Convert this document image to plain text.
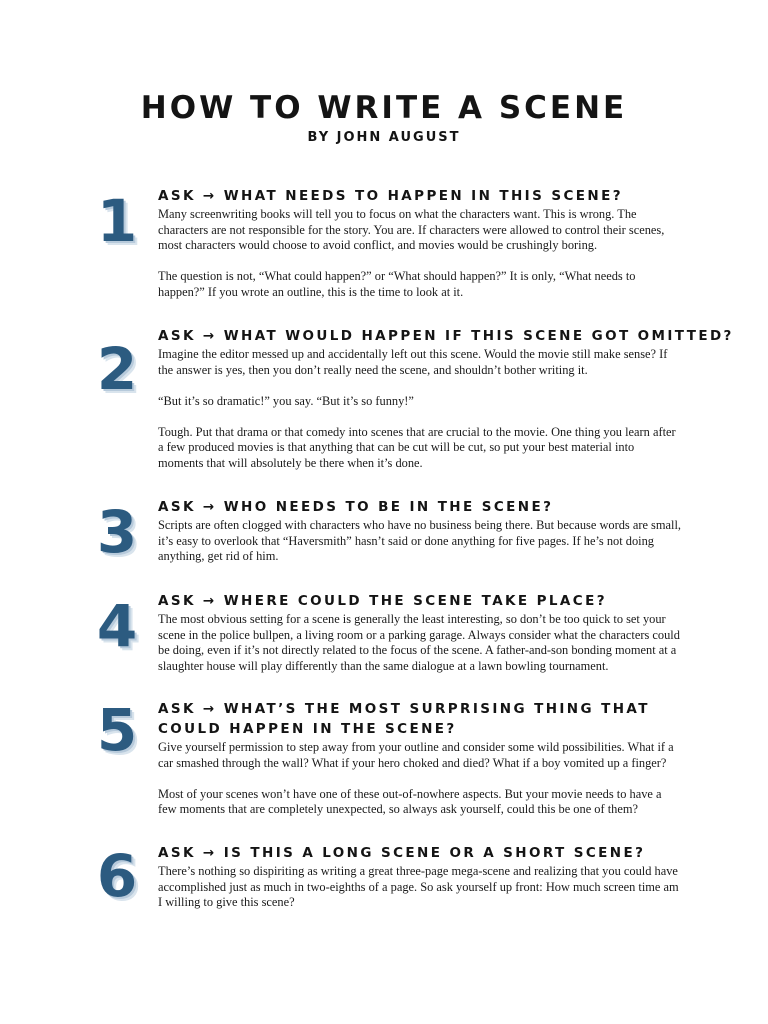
HOW TO WRITE A SCENE
BY JOHN AUGUST
1	ASK → WHAT NEEDS TO HAPPEN IN THIS SCENE?

Many screenwriting books will tell you to focus on what the characters want. This is wrong. The characters are not responsible for the story. You are. If characters were allowed to control their scenes, most characters would choose to avoid conflict, and movies would be crushingly boring.

The question is not, “What could happen?” or “What should happen?” It is only, “What needs to happen?” If you wrote an outline, this is the time to look at it.

2	ASK → WHAT WOULD HAPPEN IF THIS SCENE GOT OMITTED?

Imagine the editor messed up and accidentally left out this scene. Would the movie still make sense? If the answer is yes, then you don’t really need the scene, and shouldn’t bother writing it.

“But it’s so dramatic!” you say. “But it’s so funny!”

Tough. Put that drama or that comedy into scenes that are crucial to the movie. One thing you learn after a few produced movies is that anything that can be cut will be cut, so put your best material into moments that will absolutely be there when it’s done.

3	ASK → WHO NEEDS TO BE IN THE SCENE?

Scripts are often clogged with characters who have no business being there. But because words are small, it’s easy to overlook that “Haversmith” hasn’t said or done anything for five pages. If he’s not doing anything, get rid of him.

4	ASK → WHERE COULD THE SCENE TAKE PLACE?

The most obvious setting for a scene is generally the least interesting, so don’t be too quick to set your scene in the police bullpen, a living room or a parking garage. Always consider what the characters could be doing, even if it’s not directly related to the focus of the scene. A father-and-son bonding moment at a slaughter house will play differently than the same dialogue at a lawn bowling tournament.

5	ASK → WHAT’S THE MOST SURPRISING THING THAT COULD HAPPEN IN THE SCENE?

Give yourself permission to step away from your outline and consider some wild possibilities. What if a car smashed through the wall? What if your hero choked and died? What if a boy vomited up a finger?

Most of your scenes won’t have one of these out-of-nowhere aspects. But your movie needs to have a few moments that are completely unexpected, so always ask yourself, could this be one of them?

6	ASK → IS THIS A LONG SCENE OR A SHORT SCENE?

There’s nothing so dispiriting as writing a great three-page mega-scene and realizing that you could have accomplished just as much in two-eighths of a page. So ask yourself up front: How much screen time am I willing to give this scene?
